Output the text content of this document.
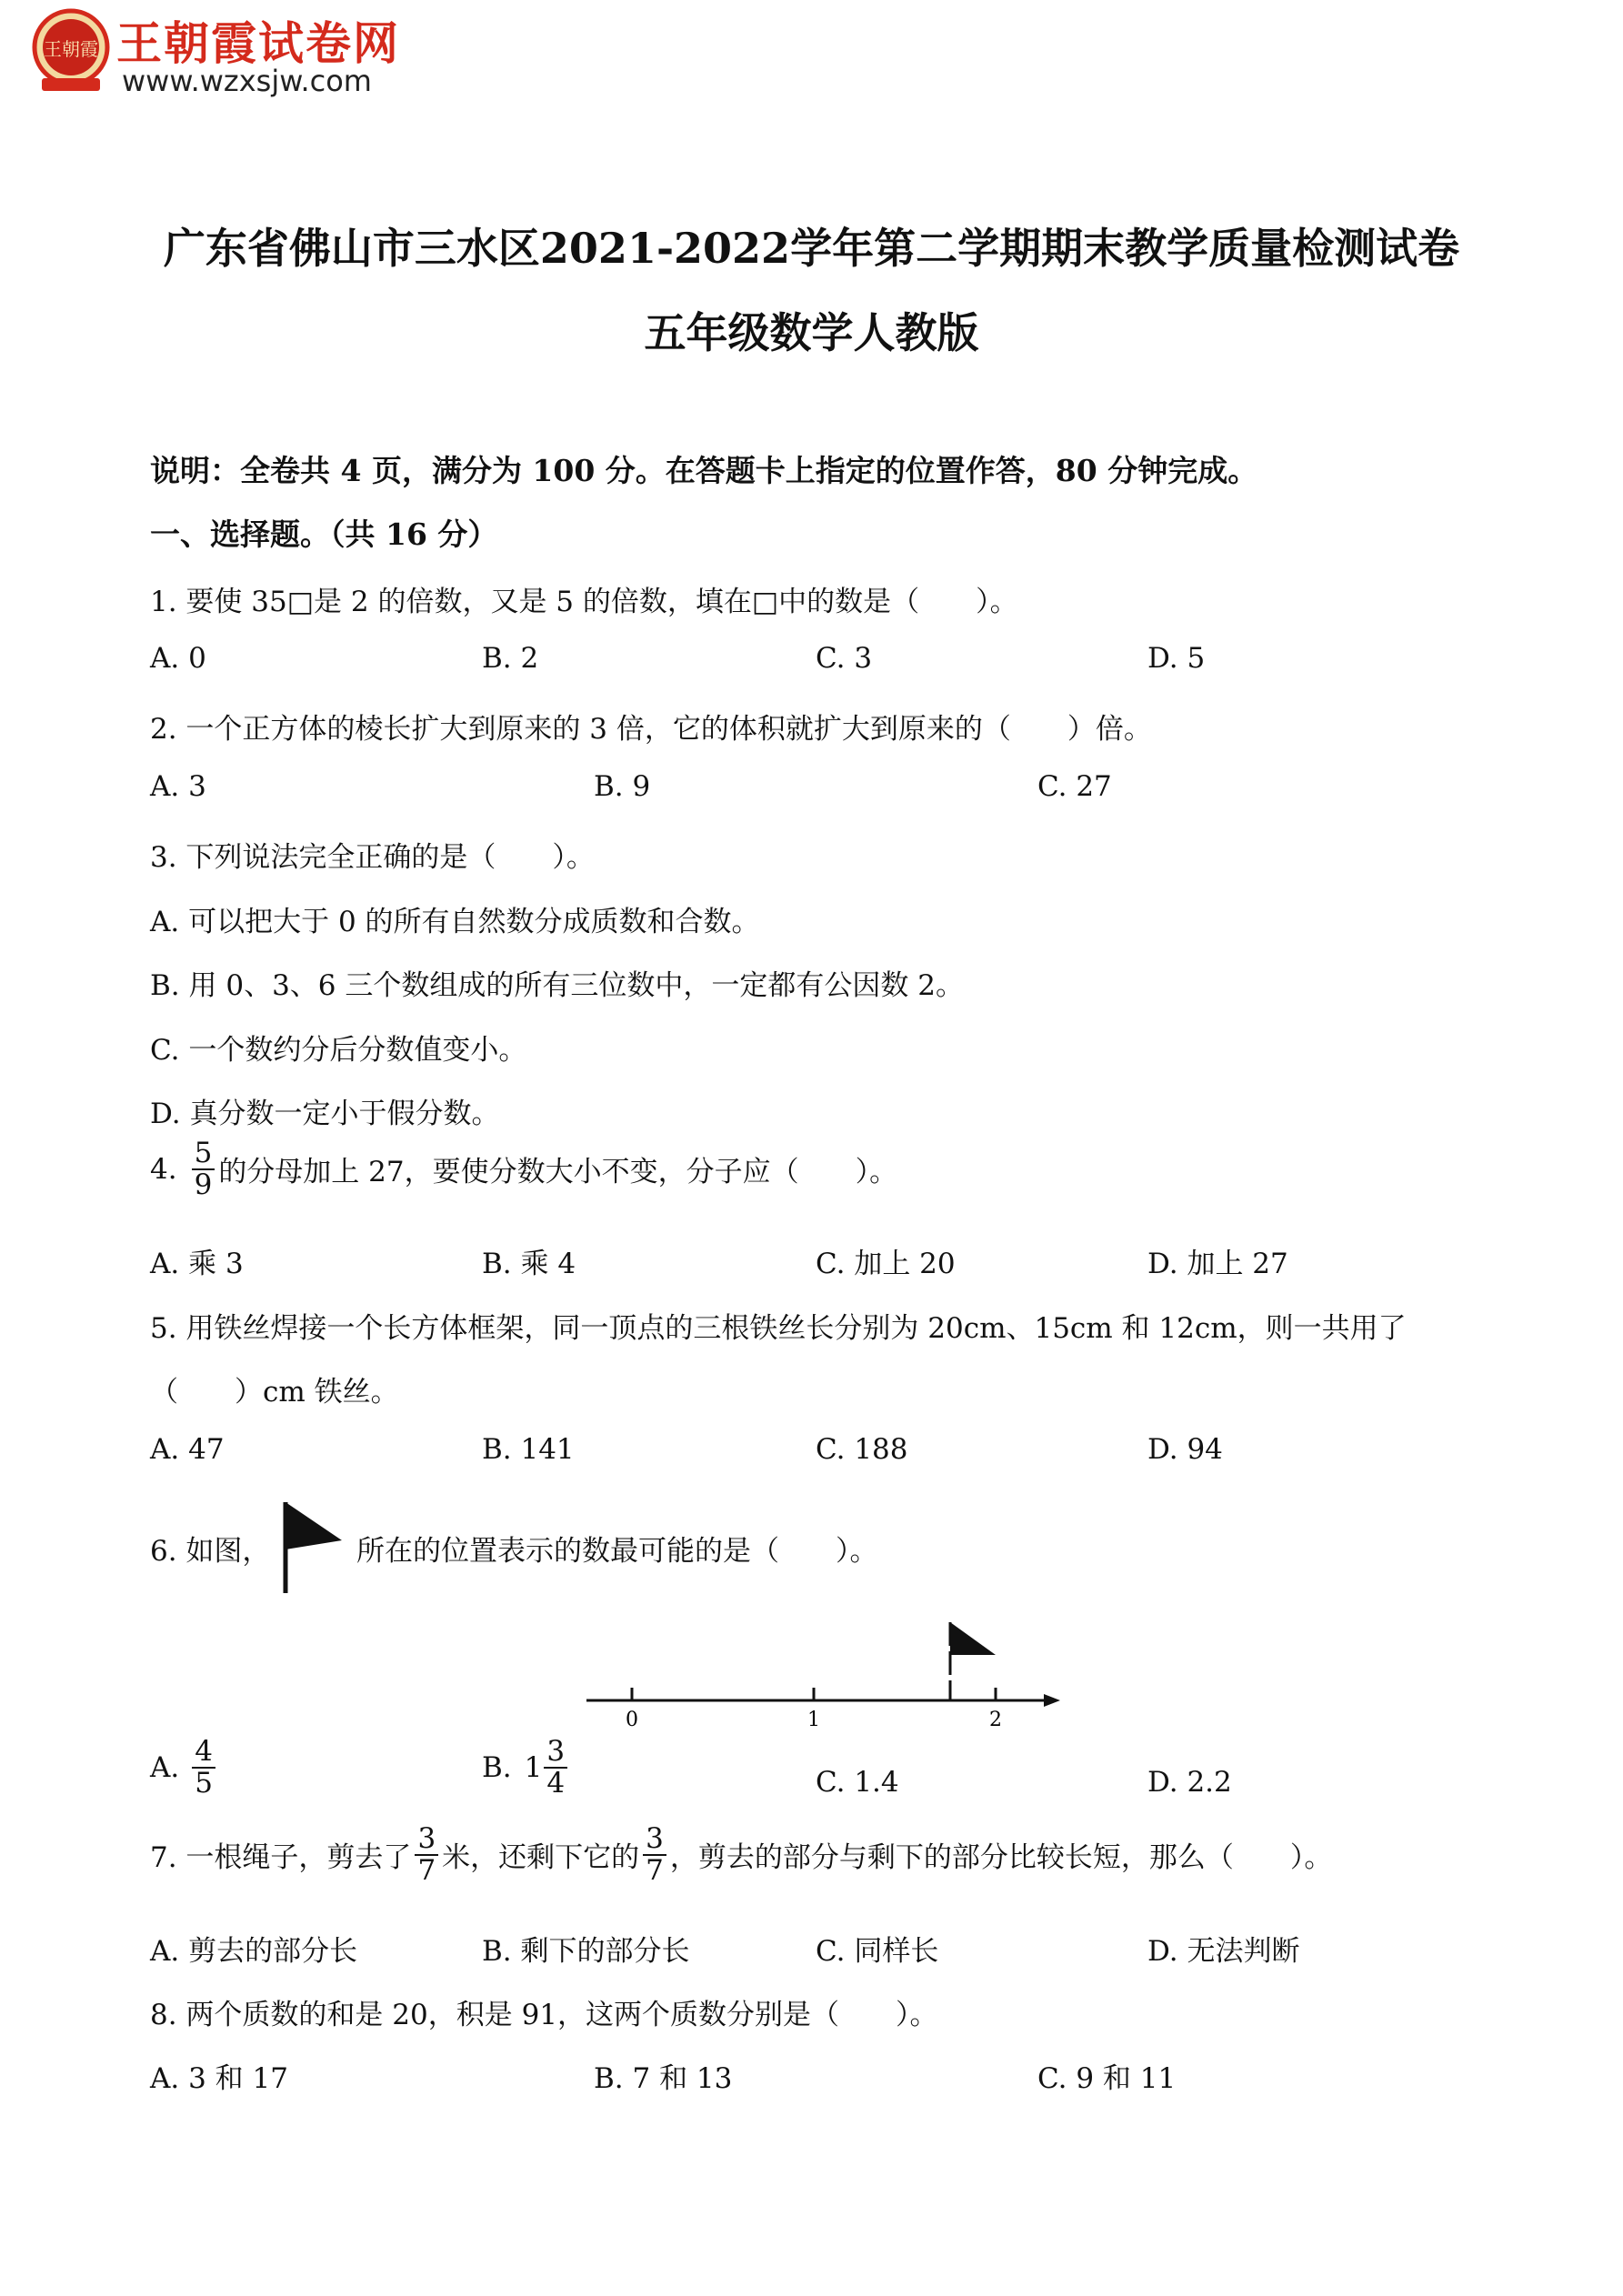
王朝霞 王朝霞试卷网
www.wzxsjw.com
广东省佛山市三水区2021-2022学年第二学期期末教学质量检测试卷
五年级数学人教版
说明：全卷共 4 页，满分为 100 分。在答题卡上指定的位置作答，80 分钟完成。
一、选择题。（共 16 分）
1. 要使 35□是 2 的倍数，又是 5 的倍数，填在□中的数是（　　）。
A. 0	B. 2	C. 3	D. 5
2. 一个正方体的棱长扩大到原来的 3 倍，它的体积就扩大到原来的（　　）倍。
A. 3	B. 9	C. 27
3. 下列说法完全正确的是（　　）。
A. 可以把大于 0 的所有自然数分成质数和合数。
B. 用 0、3、6 三个数组成的所有三位数中，一定都有公因数 2。
C. 一个数约分后分数值变小。
D. 真分数一定小于假分数。
4. $\frac{5}{9}$ 的分母加上 27，要使分数大小不变，分子应（　　）。
A. 乘 3	B. 乘 4	C. 加上 20	D. 加上 27
5. 用铁丝焊接一个长方体框架，同一顶点的三根铁丝长分别为 20cm、15cm 和 12cm，则一共用了
（　　）cm 铁丝。
A. 47	B. 141	C. 188	D. 94
6. 如图，	所在的位置表示的数最可能的是（　　）。
0	1	2
A. $\frac{4}{5}$	B. $1 \frac{3}{4}$	C. 1.4	D. 2.2
7. 一根绳子，剪去了 $\frac{3}{7}$ 米，还剩下它的 $\frac{3}{7}$ ，剪去的部分与剩下的部分比较长短，那么（　　）。
A. 剪去的部分长	B. 剩下的部分长	C. 同样长	D. 无法判断
8. 两个质数的和是 20，积是 91，这两个质数分别是（　　）。
A. 3 和 17	B. 7 和 13	C. 9 和 11
